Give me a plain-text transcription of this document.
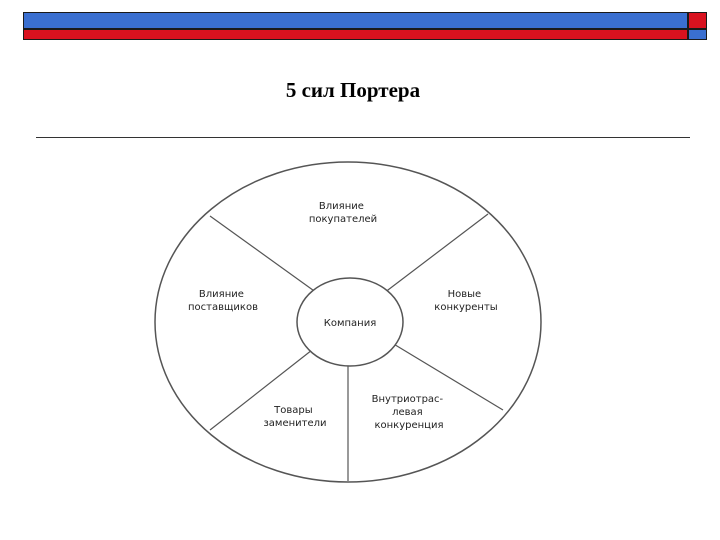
5 сил Портера
Компания
Влияние покупателей
Новые конкуренты
Внутриотрас- левая конкуренция
Товары заменители
Влияние поставщиков
